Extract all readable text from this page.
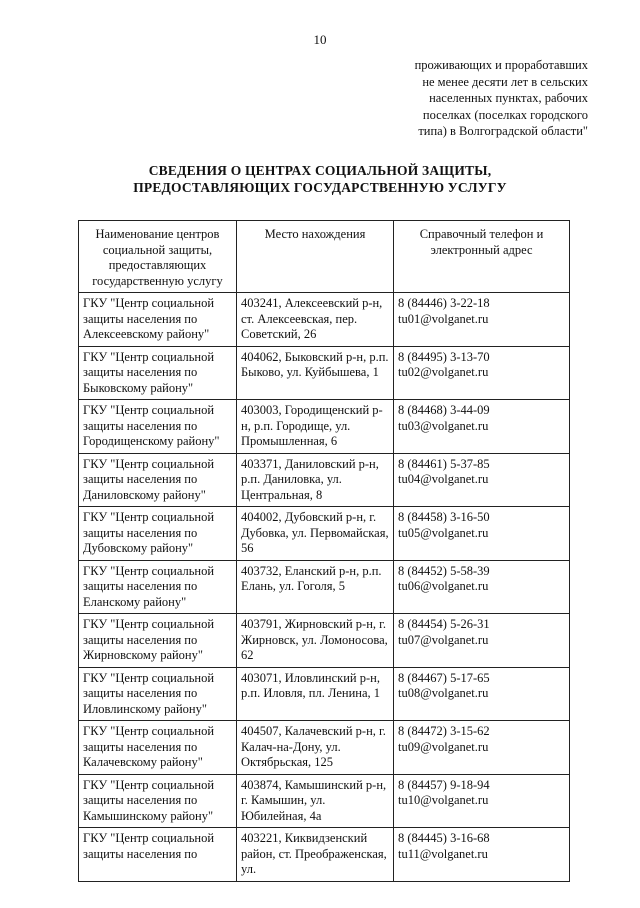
10
проживающих и проработавших
не менее десяти лет в сельских
населенных пунктах, рабочих
поселках (поселках городского
типа) в Волгоградской области"
СВЕДЕНИЯ О ЦЕНТРАХ СОЦИАЛЬНОЙ ЗАЩИТЫ,
ПРЕДОСТАВЛЯЮЩИХ ГОСУДАРСТВЕННУЮ УСЛУГУ
Наименование центров социальной защиты, предоставляющих государственную услугу	Место нахождения	Справочный телефон и электронный адрес
ГКУ "Центр социальной защиты населения по Алексеевскому району"	403241, Алексеевский р-н, ст. Алексеевская, пер. Советский, 26	8 (84446) 3-22-18
tu01@volganet.ru

ГКУ "Центр социальной защиты населения по Быковскому району"	404062, Быковский р-н, р.п. Быково, ул. Куйбышева, 1	8 (84495) 3-13-70
tu02@volganet.ru

ГКУ "Центр социальной защиты населения по Городищенскому району"	403003, Городищенский р-н, р.п. Городище, ул. Промышленная, 6	8 (84468) 3-44-09
tu03@volganet.ru

ГКУ "Центр социальной защиты населения по Даниловскому району"	403371, Даниловский р-н, р.п. Даниловка, ул. Центральная, 8	8 (84461) 5-37-85
tu04@volganet.ru

ГКУ "Центр социальной защиты населения по Дубовскому району"	404002, Дубовский р-н, г. Дубовка, ул. Первомайская, 56	8 (84458) 3-16-50
tu05@volganet.ru

ГКУ "Центр социальной защиты населения по Еланскому району"	403732, Еланский р-н, р.п. Елань, ул. Гоголя, 5	8 (84452) 5-58-39
tu06@volganet.ru

ГКУ "Центр социальной защиты населения по Жирновскому району"	403791, Жирновский р-н, г. Жирновск, ул. Ломоносова, 62	8 (84454) 5-26-31
tu07@volganet.ru

ГКУ "Центр социальной защиты населения по Иловлинскому району"	403071, Иловлинский р-н, р.п. Иловля, пл. Ленина, 1	8 (84467) 5-17-65
tu08@volganet.ru

ГКУ "Центр социальной защиты населения по Калачевскому району"	404507, Калачевский р-н, г. Калач-на-Дону, ул. Октябрьская, 125	8 (84472) 3-15-62
tu09@volganet.ru

ГКУ "Центр социальной защиты населения по Камышинскому району"	403874, Камышинский р-н, г. Камышин, ул. Юбилейная, 4а	8 (84457) 9-18-94
tu10@volganet.ru

ГКУ "Центр социальной защиты населения по	403221, Киквидзенский район, ст. Преображенская, ул.	8 (84445) 3-16-68
tu11@volganet.ru
